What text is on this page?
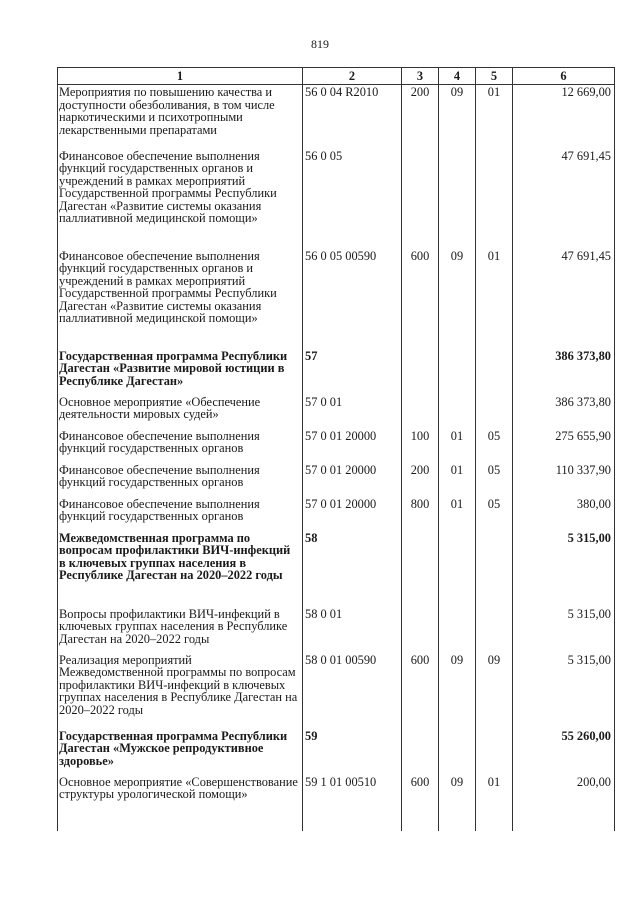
819
1	2	3	4	5	6
Мероприятия по повышению качества и доступности обезболивания, в том числе наркотическими и психотропными лекарственными препаратами	56 0 04 R2010	200	09	01	12 669,00
Финансовое обеспечение выполнения функций государственных органов и учреждений в рамках мероприятий Государственной программы Республики Дагестан «Развитие системы оказания паллиативной медицинской помощи»	56 0 05				47 691,45
Финансовое обеспечение выполнения функций государственных органов и учреждений в рамках мероприятий Государственной программы Республики Дагестан «Развитие системы оказания паллиативной медицинской помощи»	56 0 05 00590	600	09	01	47 691,45
Государственная программа Республики Дагестан «Развитие мировой юстиции в Республике Дагестан»	57				386 373,80
Основное мероприятие «Обеспечение деятельности мировых судей»	57 0 01				386 373,80
Финансовое обеспечение выполнения функций государственных органов	57 0 01 20000	100	01	05	275 655,90
Финансовое обеспечение выполнения функций государственных органов	57 0 01 20000	200	01	05	110 337,90
Финансовое обеспечение выполнения функций государственных органов	57 0 01 20000	800	01	05	380,00
Межведомственная программа по вопросам профилактики ВИЧ-инфекций в ключевых группах населения в Республике Дагестан на 2020–2022 годы	58				5 315,00
Вопросы профилактики ВИЧ-инфекций в ключевых группах населения в Республике Дагестан на 2020–2022 годы	58 0 01				5 315,00
Реализация мероприятий Межведомственной программы по вопросам профилактики ВИЧ-инфекций в ключевых группах населения в Республике Дагестан на 2020–2022 годы	58 0 01 00590	600	09	09	5 315,00
Государственная программа Республики Дагестан «Мужское репродуктивное здоровье»	59				55 260,00
Основное мероприятие «Совершенствование структуры урологической помощи»	59 1 01 00510	600	09	01	200,00
